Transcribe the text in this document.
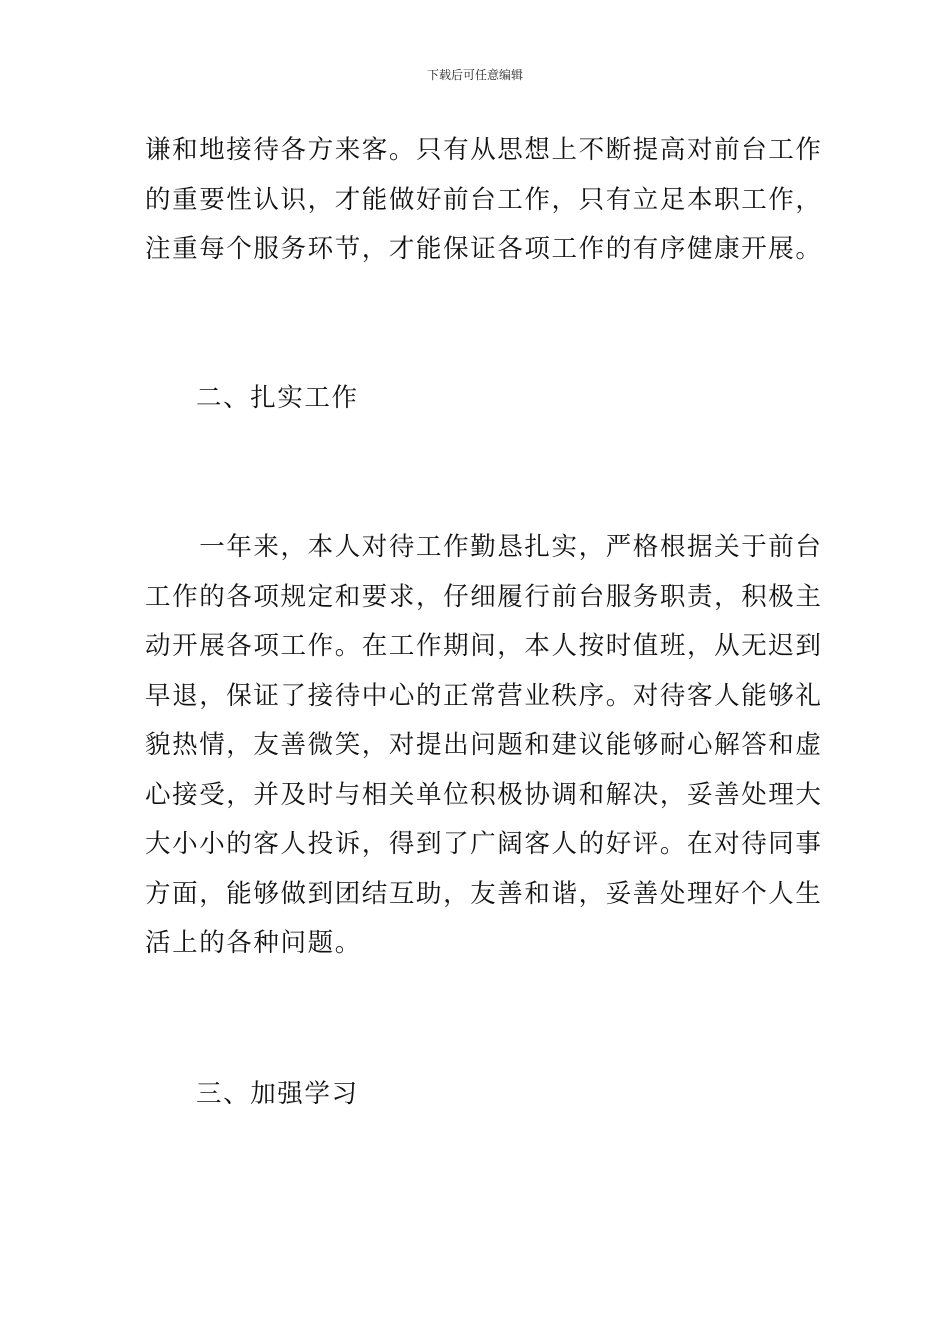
下载后可任意编辑
谦和地接待各方来客。只有从思想上不断提高对前台工作
的重要性认识，才能做好前台工作，只有立足本职工作，
注重每个服务环节，才能保证各项工作的有序健康开展。
二、扎实工作
　　一年来，本人对待工作勤恳扎实，严格根据关于前台
工作的各项规定和要求，仔细履行前台服务职责，积极主
动开展各项工作。在工作期间，本人按时值班，从无迟到
早退，保证了接待中心的正常营业秩序。对待客人能够礼
貌热情，友善微笑，对提出问题和建议能够耐心解答和虚
心接受，并及时与相关单位积极协调和解决，妥善处理大
大小小的客人投诉，得到了广阔客人的好评。在对待同事
方面，能够做到团结互助，友善和谐，妥善处理好个人生
活上的各种问题。
三、加强学习
